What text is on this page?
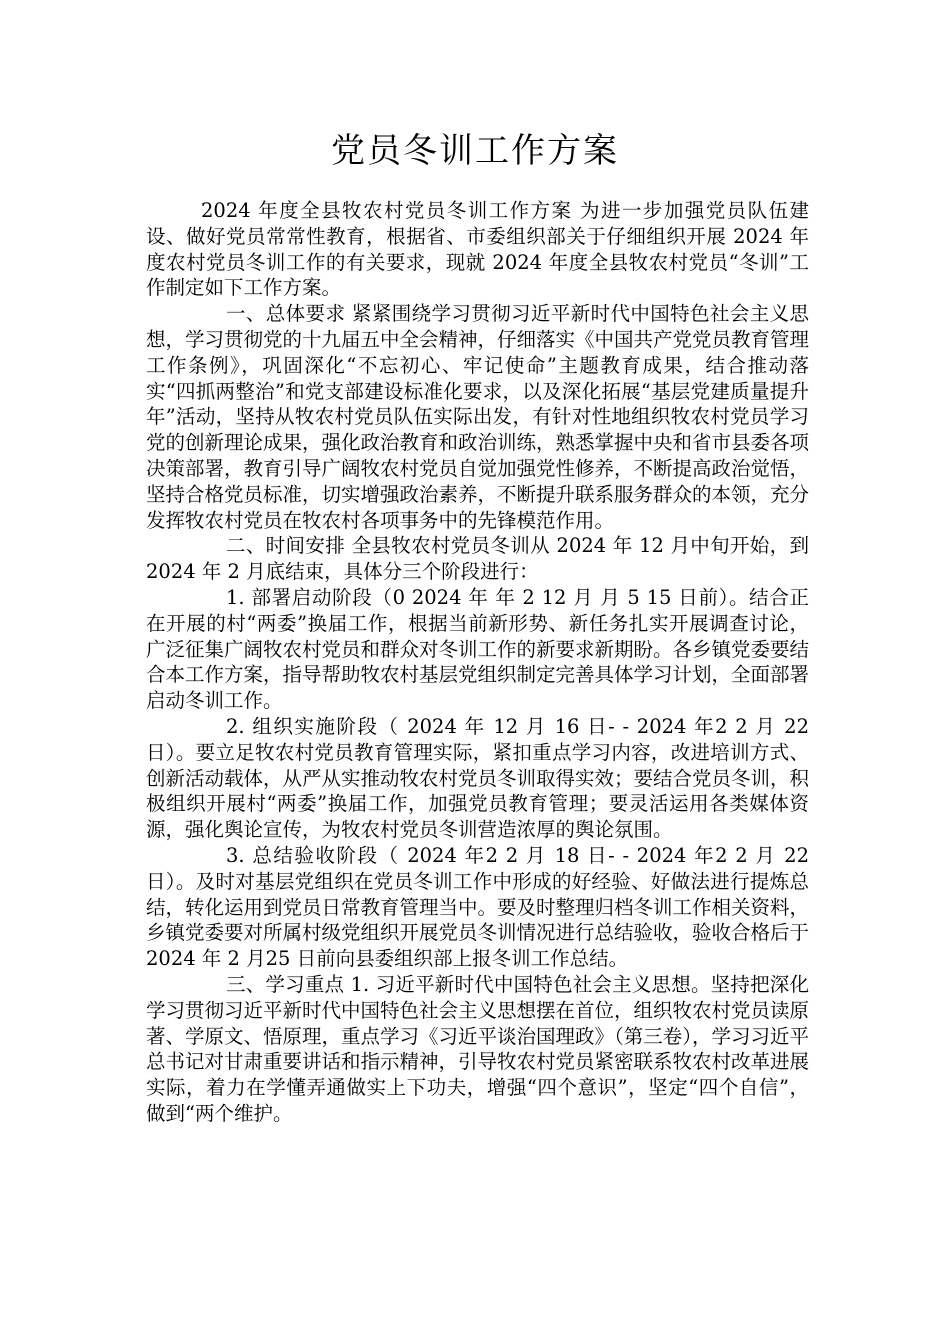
党员冬训工作方案

2024 年度全县牧农村党员冬训工作方案 为进一步加强党员队伍建设、做好党员常常性教育，根据省、市委组织部关于仔细组织开展 2024 年度农村党员冬训工作的有关要求，现就 2024 年度全县牧农村党员“冬训”工作制定如下工作方案。

一、总体要求 紧紧围绕学习贯彻习近平新时代中国特色社会主义思想，学习贯彻党的十九届五中全会精神，仔细落实《中国共产党党员教育管理工作条例》，巩固深化“不忘初心、牢记使命”主题教育成果，结合推动落实“四抓两整治”和党支部建设标准化要求，以及深化拓展“基层党建质量提升年”活动，坚持从牧农村党员队伍实际出发，有针对性地组织牧农村党员学习党的创新理论成果，强化政治教育和政治训练，熟悉掌握中央和省市县委各项决策部署，教育引导广阔牧农村党员自觉加强党性修养，不断提高政治觉悟，坚持合格党员标准，切实增强政治素养，不断提升联系服务群众的本领，充分发挥牧农村党员在牧农村各项事务中的先锋模范作用。

二、时间安排 全县牧农村党员冬训从 2024 年 12 月中旬开始，到 2024 年 2 月底结束，具体分三个阶段进行：

1. 部署启动阶段（0 2024 年 年 2 12 月 月 5 15 日前）。结合正在开展的村“两委”换届工作，根据当前新形势、新任务扎实开展调查讨论，广泛征集广阔牧农村党员和群众对冬训工作的新要求新期盼。各乡镇党委要结合本工作方案，指导帮助牧农村基层党组织制定完善具体学习计划，全面部署启动冬训工作。

2. 组织实施阶段（ 2024 年 12 月 16 日- - 2024 年2 2 月 22 日）。要立足牧农村党员教育管理实际，紧扣重点学习内容，改进培训方式、创新活动载体，从严从实推动牧农村党员冬训取得实效；要结合党员冬训，积极组织开展村“两委”换届工作，加强党员教育管理；要灵活运用各类媒体资源，强化舆论宣传，为牧农村党员冬训营造浓厚的舆论氛围。

3. 总结验收阶段（ 2024 年2 2 月 18 日- - 2024 年2 2 月 22 日）。及时对基层党组织在党员冬训工作中形成的好经验、好做法进行提炼总结，转化运用到党员日常教育管理当中。要及时整理归档冬训工作相关资料，乡镇党委要对所属村级党组织开展党员冬训情况进行总结验收，验收合格后于 2024 年 2 月25 日前向县委组织部上报冬训工作总结。

三、学习重点 1. 习近平新时代中国特色社会主义思想。坚持把深化学习贯彻习近平新时代中国特色社会主义思想摆在首位，组织牧农村党员读原著、学原文、悟原理，重点学习《习近平谈治国理政》（第三卷），学习习近平总书记对甘肃重要讲话和指示精神，引导牧农村党员紧密联系牧农村改革进展实际，着力在学懂弄通做实上下功夫，增强“四个意识”，坚定“四个自信”，做到“两个维护。
